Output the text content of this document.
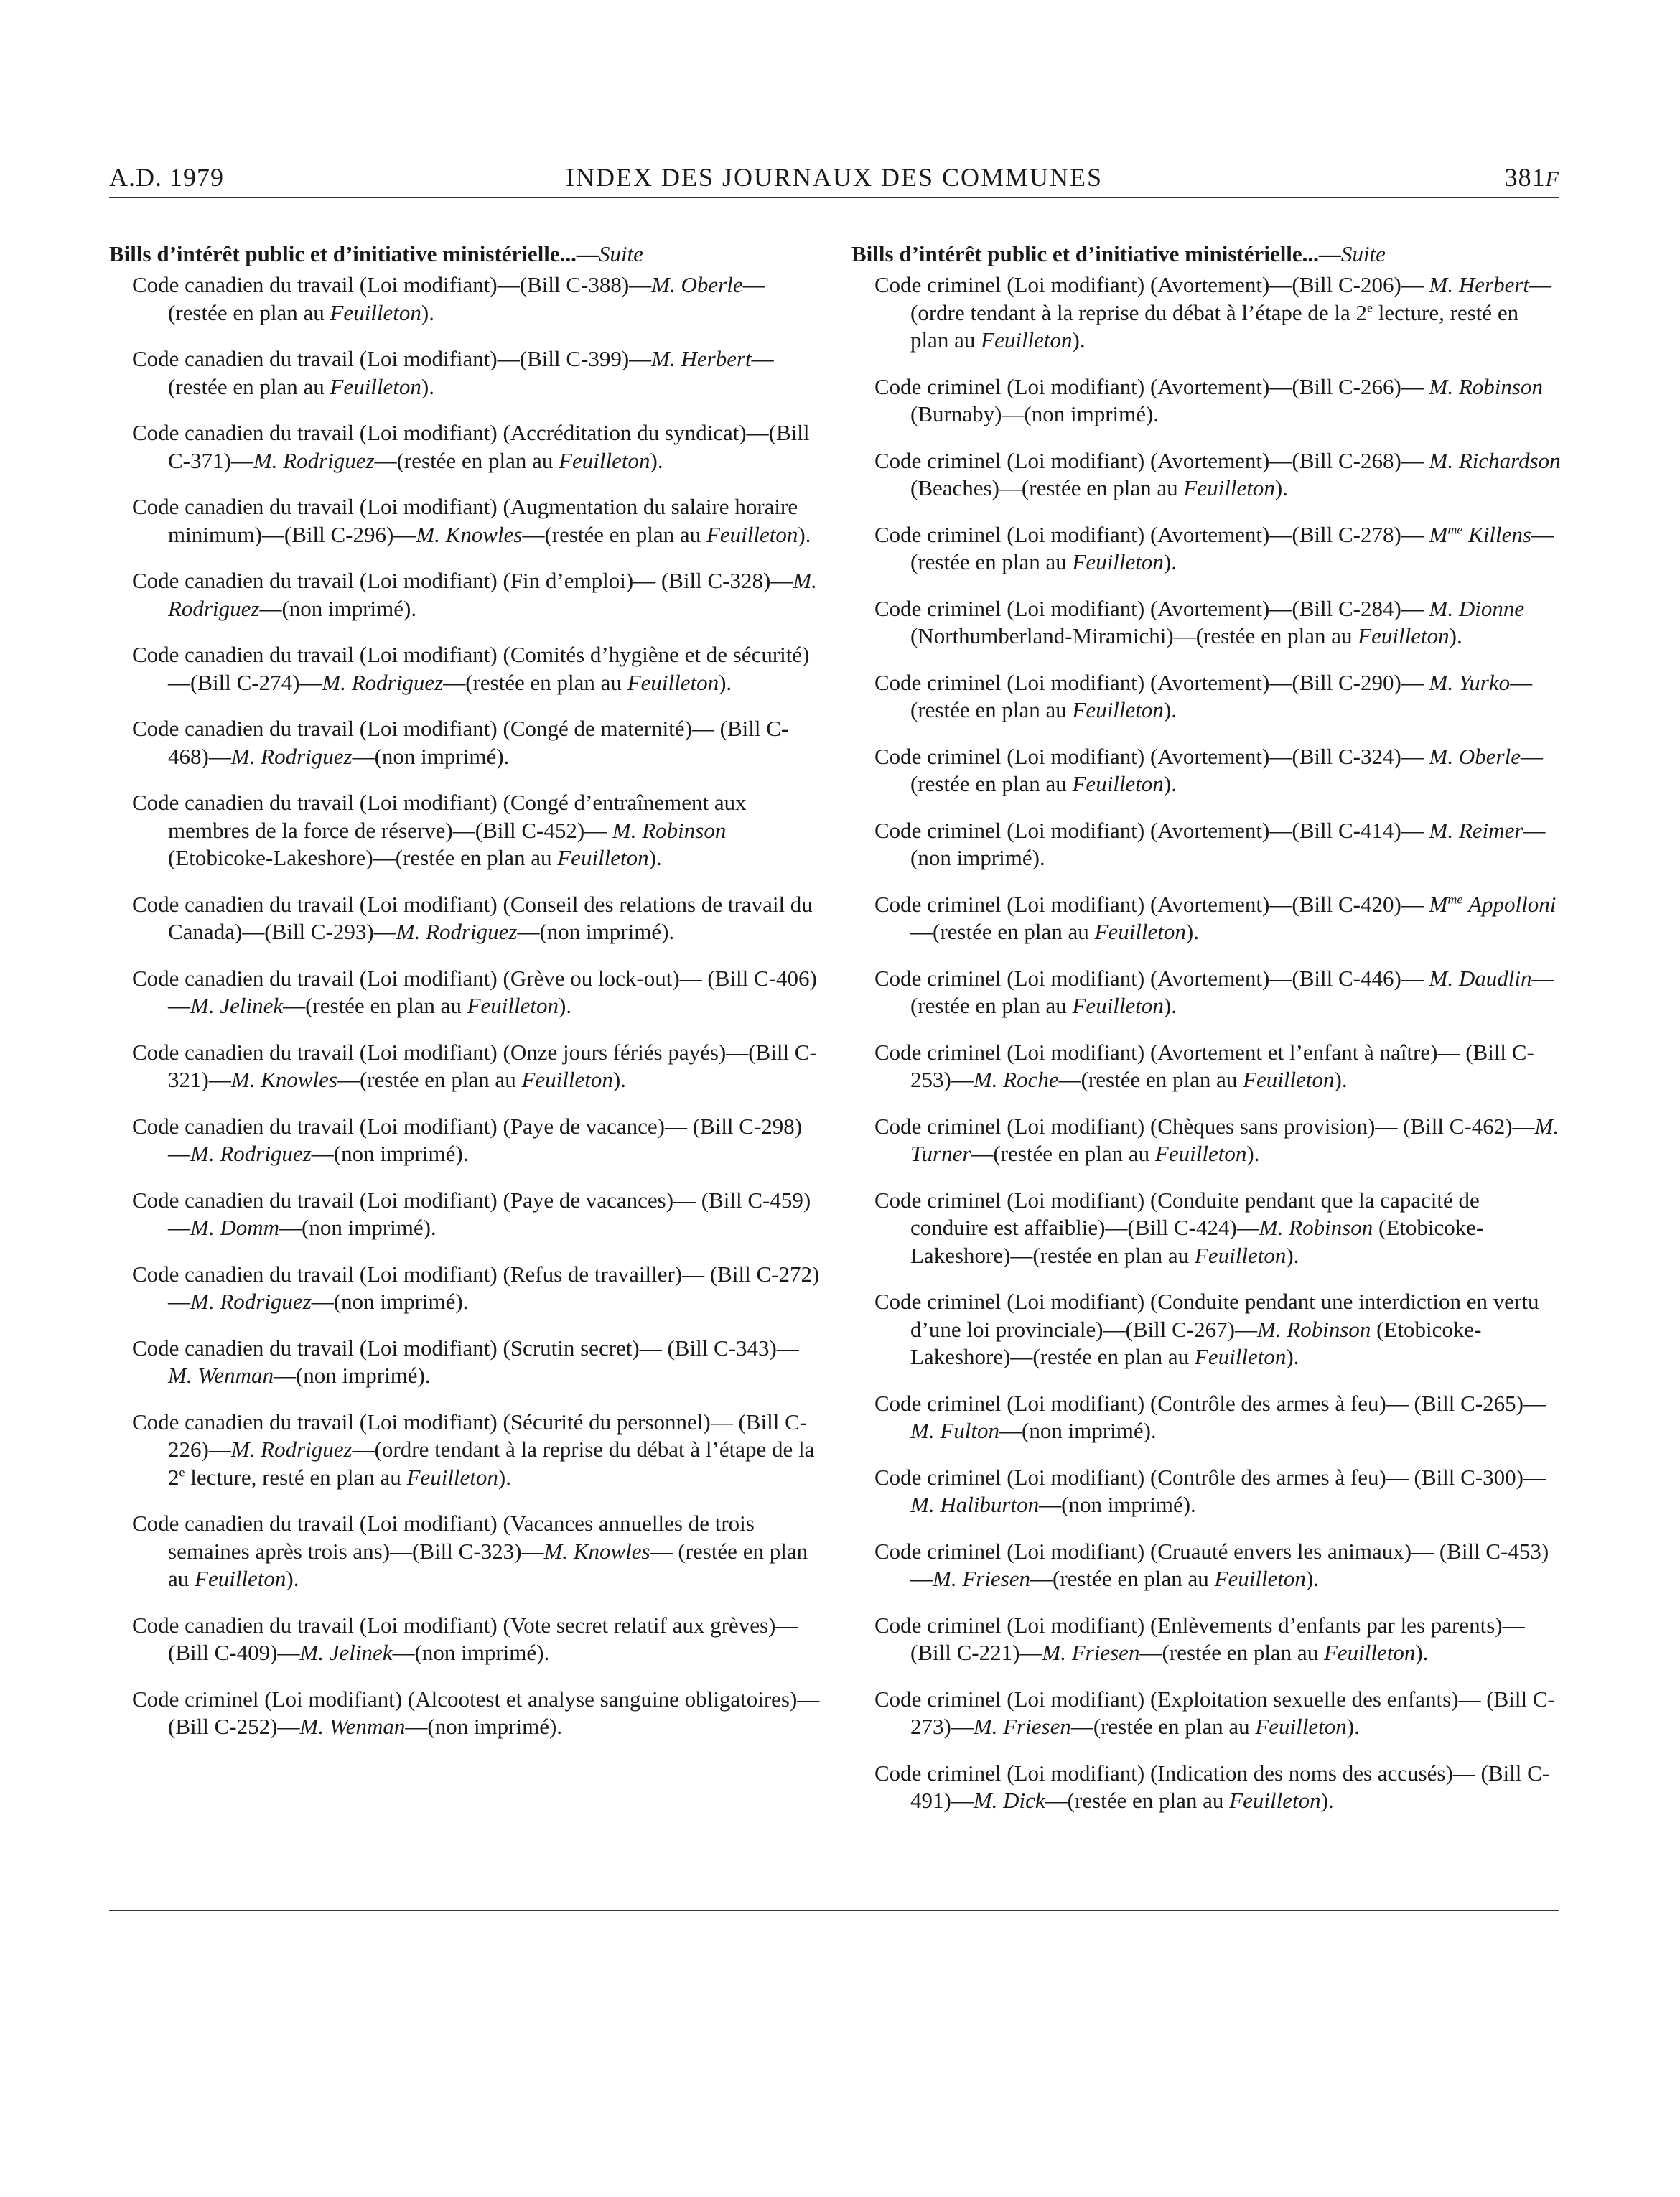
A.D. 1979	INDEX DES JOURNAUX DES COMMUNES	381F
Bills d’intérêt public et d’initiative ministérielle...—Suite
Code canadien du travail (Loi modifiant)—(Bill C-388)—M. Oberle—(restée en plan au Feuilleton).
Code canadien du travail (Loi modifiant)—(Bill C-399)—M. Herbert—(restée en plan au Feuilleton).
Code canadien du travail (Loi modifiant) (Accréditation du syndicat)—(Bill C-371)—M. Rodriguez—(restée en plan au Feuilleton).
Code canadien du travail (Loi modifiant) (Augmentation du salaire horaire minimum)—(Bill C-296)—M. Knowles—(restée en plan au Feuilleton).
Code canadien du travail (Loi modifiant) (Fin d’emploi)— (Bill C-328)—M. Rodriguez—(non imprimé).
Code canadien du travail (Loi modifiant) (Comités d’hygiène et de sécurité)—(Bill C-274)—M. Rodriguez—(restée en plan au Feuilleton).
Code canadien du travail (Loi modifiant) (Congé de maternité)— (Bill C-468)—M. Rodriguez—(non imprimé).
Code canadien du travail (Loi modifiant) (Congé d’entraînement aux membres de la force de réserve)—(Bill C-452)— M. Robinson (Etobicoke-Lakeshore)—(restée en plan au Feuilleton).
Code canadien du travail (Loi modifiant) (Conseil des relations de travail du Canada)—(Bill C-293)—M. Rodriguez—(non imprimé).
Code canadien du travail (Loi modifiant) (Grève ou lock-out)— (Bill C-406)—M. Jelinek—(restée en plan au Feuilleton).
Code canadien du travail (Loi modifiant) (Onze jours fériés payés)—(Bill C-321)—M. Knowles—(restée en plan au Feuilleton).
Code canadien du travail (Loi modifiant) (Paye de vacance)— (Bill C-298)—M. Rodriguez—(non imprimé).
Code canadien du travail (Loi modifiant) (Paye de vacances)— (Bill C-459)—M. Domm—(non imprimé).
Code canadien du travail (Loi modifiant) (Refus de travailler)— (Bill C-272)—M. Rodriguez—(non imprimé).
Code canadien du travail (Loi modifiant) (Scrutin secret)— (Bill C-343)—M. Wenman—(non imprimé).
Code canadien du travail (Loi modifiant) (Sécurité du personnel)— (Bill C-226)—M. Rodriguez—(ordre tendant à la reprise du débat à l’étape de la 2e lecture, resté en plan au Feuilleton).
Code canadien du travail (Loi modifiant) (Vacances annuelles de trois semaines après trois ans)—(Bill C-323)—M. Knowles— (restée en plan au Feuilleton).
Code canadien du travail (Loi modifiant) (Vote secret relatif aux grèves)—(Bill C-409)—M. Jelinek—(non imprimé).
Code criminel (Loi modifiant) (Alcootest et analyse sanguine obligatoires)—(Bill C-252)—M. Wenman—(non imprimé).
Bills d’intérêt public et d’initiative ministérielle...—Suite
Code criminel (Loi modifiant) (Avortement)—(Bill C-206)— M. Herbert—(ordre tendant à la reprise du débat à l’étape de la 2e lecture, resté en plan au Feuilleton).
Code criminel (Loi modifiant) (Avortement)—(Bill C-266)— M. Robinson (Burnaby)—(non imprimé).
Code criminel (Loi modifiant) (Avortement)—(Bill C-268)— M. Richardson (Beaches)—(restée en plan au Feuilleton).
Code criminel (Loi modifiant) (Avortement)—(Bill C-278)— $M^{me}$ Killens—(restée en plan au Feuilleton).
Code criminel (Loi modifiant) (Avortement)—(Bill C-284)— M. Dionne (Northumberland-Miramichi)—(restée en plan au Feuilleton).
Code criminel (Loi modifiant) (Avortement)—(Bill C-290)— M. Yurko—(restée en plan au Feuilleton).
Code criminel (Loi modifiant) (Avortement)—(Bill C-324)— M. Oberle—(restée en plan au Feuilleton).
Code criminel (Loi modifiant) (Avortement)—(Bill C-414)— M. Reimer—(non imprimé).
Code criminel (Loi modifiant) (Avortement)—(Bill C-420)— $M^{me}$ Appolloni—(restée en plan au Feuilleton).
Code criminel (Loi modifiant) (Avortement)—(Bill C-446)— M. Daudlin—(restée en plan au Feuilleton).
Code criminel (Loi modifiant) (Avortement et l’enfant à naître)— (Bill C-253)—M. Roche—(restée en plan au Feuilleton).
Code criminel (Loi modifiant) (Chèques sans provision)— (Bill C-462)—M. Turner—(restée en plan au Feuilleton).
Code criminel (Loi modifiant) (Conduite pendant que la capacité de conduire est affaiblie)—(Bill C-424)—M. Robinson (Etobicoke-Lakeshore)—(restée en plan au Feuilleton).
Code criminel (Loi modifiant) (Conduite pendant une interdiction en vertu d’une loi provinciale)—(Bill C-267)—M. Robinson (Etobicoke-Lakeshore)—(restée en plan au Feuilleton).
Code criminel (Loi modifiant) (Contrôle des armes à feu)— (Bill C-265)—M. Fulton—(non imprimé).
Code criminel (Loi modifiant) (Contrôle des armes à feu)— (Bill C-300)—M. Haliburton—(non imprimé).
Code criminel (Loi modifiant) (Cruauté envers les animaux)— (Bill C-453)—M. Friesen—(restée en plan au Feuilleton).
Code criminel (Loi modifiant) (Enlèvements d’enfants par les parents)—(Bill C-221)—M. Friesen—(restée en plan au Feuilleton).
Code criminel (Loi modifiant) (Exploitation sexuelle des enfants)— (Bill C-273)—M. Friesen—(restée en plan au Feuilleton).
Code criminel (Loi modifiant) (Indication des noms des accusés)— (Bill C-491)—M. Dick—(restée en plan au Feuilleton).
